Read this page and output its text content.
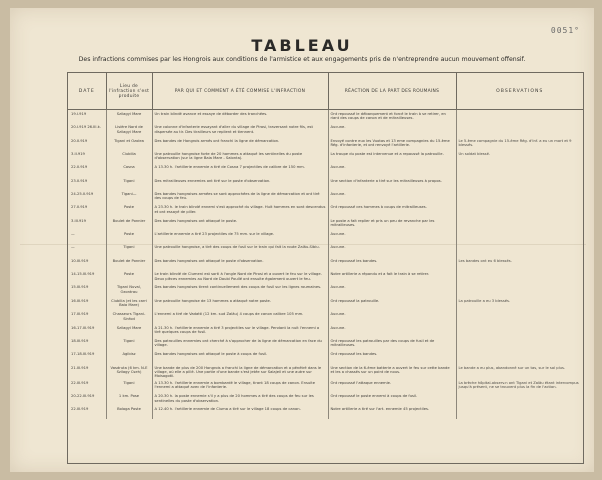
0051°
TABLEAU
Des infractions commises par les Hongrois aux conditions de l'armistice et aux engagements pris de n'entreprendre aucun mouvement offensif.
DATE	Lieu de l'infraction s'est produite	PAR QUI ET COMMENT A ÉTÉ COMMISE L'INFRACTION	RÉACTION DE LA PART DES ROUMAINS	OBSERVATIONS
19.I.919	Szilagyi Mare	Un train blindé avance et essaye de déborder des tranchées.	Ont repoussé le débarquement et forcé le train à se retirer, en riant des coups de canon et de mitrailleuses.	
20.I.919 26.III.k.	Lisière Nord de Szilagyi Mare	Une colonne d'infanterie essayant d'aller du village de Pirosi, traversant notre fils, est dispersée au tir. Des tirailleurs se replient et tiennent.	Aucune.	
20.II.919	Tigani et Ozolea	Des bandes de Hongrois armés ont franchi la ligne de démarcation.	Envoyé contre eux les Vuotas et 13 eme compagnies du 15-ème Rég. d'infanterie, et ont renvoyé l'artillerie.	Le 5-ème compagnie du 15-ème Rég. d'Inf. a eu un mort et 9 blessés.
3.II.919	Ciubilia	Une patrouille hongroise forte de 20 hommes a attaqué les sentinelles du poste d'observation (sur la ligne Baia Mare - Salonta).	La troupe du poste est intervenue et a repoussé la patrouille.	Un soldat blessé.
22.II.919	Cosna	A 13.30 h. l'artillerie ennemie a tiré de Cosna 7 projectiles de calibre de 150 mm.	Aucune.	
23.II.919	Tigani	Des mitrailleuses ennemies ont tiré sur le poste d'observation.	Une section d'infanterie a tiré sur les mitrailleuses à propos.	
24-25.II.919	Tigani—	Des bandes hongroises armées se sont approchées de la ligne de démarcation et ont tiré des coups de feu.	Aucune.	
27.II.919	Poste	A 23.30 h. le train blindé ennemi s'est approché du village. Huit hommes en sont descendus et ont essayé de piller.	Ont repoussé ces hommes à coups de mitrailleuses.	
3.III.919	Boulet de Ponnier	Des bandes hongroises ont attaqué le poste.	Le poste a fait replier et pris un peu de revanche par les mitrailleuses.	
—	Poste	L'artillerie ennemie a tiré 23 projectiles de 75 mm. sur le village.	Aucune.	
—	Tigani	Une patrouille hongroise, a tiré des coups de fusil sur le train qui fait la route Zalău-Sibiu.	Aucune.	
10.III.919	Boulet de Ponnier	Des bandes hongroises ont attaqué le poste d'observation.	Ont repoussé les bandes.	Les bandes ont eu 6 blessés.
14-15.III.919	Poste	Le train blindé de Ciumeni est sorti à l'angle Nord de Pirosi et a ouvert le feu sur le village. Deux pièces ennemies au Nord de Doubi Poullé ont ensuite également ouvert le feu.	Notre artillerie a répondu et a fait le train à se retirer.	
15.III.919	Tigani Nuval, Ozontrau	Des bandes hongroises tirent continuellement des coups de fusil sur les lignes roumaines.	Aucune.	
16.III.919	Ciubilia (et les carri Baia Mare)	Une patrouille hongroise de 13 hommes a attaqué notre poste.	Ont repoussé la patrouille.	La patrouille a eu 3 blessés.
17.III.919	Chasseurs Tigani-Sinfod	L'ennemi a tiré de Vadatti (12 km. sud Zalău) 4 coups de canon calibre 105 mm.	Aucune.	
16-17.III.919	Szilagyi Mare	A 21.30 h. l'artillerie ennemie a tiré 3 projectiles sur le village. Pendant la nuit l'ennemi a tiré quelques coups de fusil.	Aucune.	
18.III.919	Tigani	Des patrouilles ennemies ont cherché à s'approcher de la ligne de démarcation en face du village.	Ont repoussé les patrouilles par des coups de fusil et de mitrailleuses.	
17-18.III.919	Agibisz	Des bandes hongroises ont attaqué le poste à coups de fusil.	Ont repoussé les bandes.	
21.III.919	Vasdruta (6 km. N-E Szilagy Cseh)	Une bande de plus de 200 Hongrois a franchi la ligne de démarcation et a pénétré dans le village, où elle a pillé. Une partie d'une bande s'est jetée sur Salajeil et une autre sur Moisogotii.	Une section de la 6-ème batterie a ouvert le feu sur cette bande et les a chassés sur un point de nous.	Le bande a eu plus, abandonné sur un tas, sur le sol plus.
22.III.919	Tigani	A 13.30 h. l'artillerie ennemie a bombardé le village, tirant 18 coups de canon. Ensuite l'ennemi a attaqué avec de l'infanterie.	Ont repoussé l'attaque ennemie.	La brèche hôpital-observ.n ont Tigani et Zalău étant intercompus jusqu'à présent, ne se trouvent plus la fin de l'action.
20-22.III.919	1 km. Pose	A 20.30 h. la poste ennemie s'il y a plus de 20 hommes a tiré des coups de feu sur les sentinelles du poste d'observation.	Ont repoussé le poste ennemi à coups de fusil.	
22.III.919	Bologa Poste	A 12.40 h. l'artillerie ennemie de Ciuma a tiré sur le village 18 coups de canon.	Notre artillerie a tiré sur l'art. ennemie 45 projectiles.	
